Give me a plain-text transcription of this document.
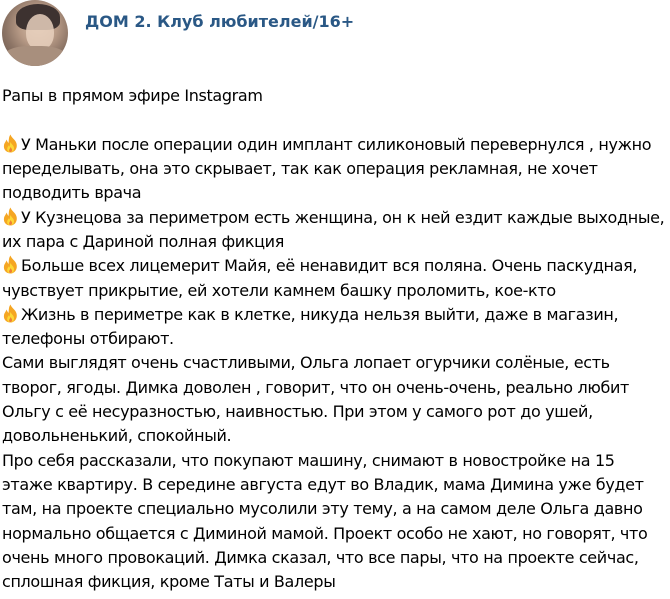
ДОМ 2. Клуб любителей/16+
Рапы в прямом эфире Instagram
У Маньки после операции один имплант силиконовый перевернулся , нужно переделывать, она это скрывает, так как операция рекламная, не хочет подводить врача
У Кузнецова за периметром есть женщина, он к ней ездит каждые выходные, их пара с Дариной полная фикция
Больше всех лицемерит Майя, её ненавидит вся поляна. Очень паскудная, чувствует прикрытие, ей хотели камнем башку проломить, кое-кто
Жизнь в периметре как в клетке, никуда нельзя выйти, даже в магазин, телефоны отбирают.
Сами выглядят очень счастливыми, Ольга лопает огурчики солёные, есть творог, ягоды. Димка доволен , говорит, что он очень-очень, реально любит Ольгу с её несуразностью, наивностью. При этом у самого рот до ушей, довольненький, спокойный.
Про себя рассказали, что покупают машину, снимают в новостройке на 15 этаже квартиру. В середине августа едут во Владик, мама Димина уже будет там, на проекте специально мусолили эту тему, а на самом деле Ольга давно нормально общается с Диминой мамой. Проект особо не хают, но говорят, что очень много провокаций. Димка сказал, что все пары, что на проекте сейчас, сплошная фикция, кроме Таты и Валеры
